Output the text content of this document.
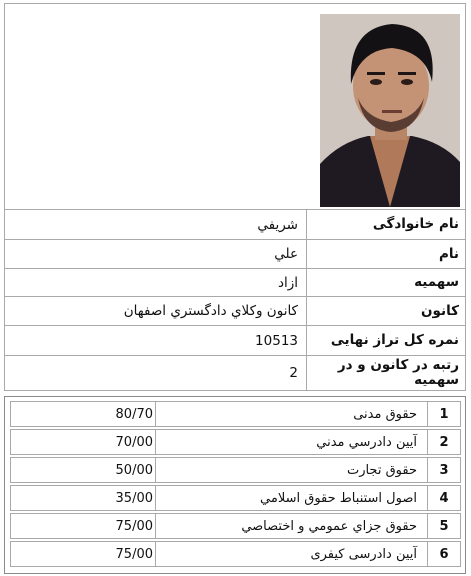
شريفي	نام خانوادگی
علي	نام
ازاد	سهمیه
کانون وکلاي دادگستري اصفهان	کانون
10513	نمره کل تراز نهایی
2	رتبه در کانون و در سهمیه
80/70	حقوق مدنی	1
70/00	آيين دادرسي مدني	2
50/00	حقوق تجارت	3
35/00	اصول استنباط حقوق اسلامي	4
75/00	حقوق جزاي عمومي و اختصاصي	5
75/00	آيين دادرسی کیفری	6
